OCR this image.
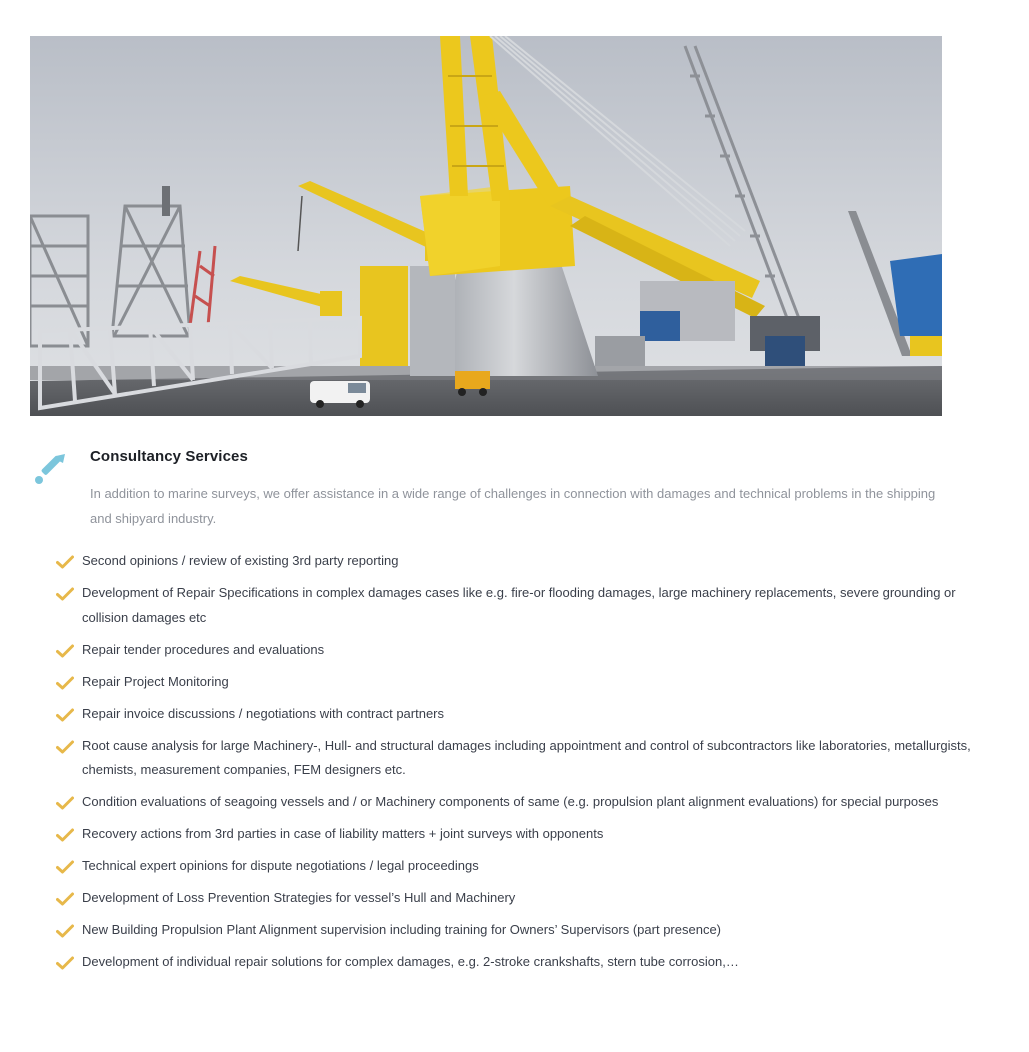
Consultancy Services

In addition to marine surveys, we offer assistance in a wide range of challenges in connection with damages and technical problems in the shipping and shipyard industry.

Second opinions / review of existing 3rd party reporting
Development of Repair Specifications in complex damages cases like e.g. fire-or flooding damages, large machinery replacements, severe grounding or collision damages etc
Repair tender procedures and evaluations
Repair Project Monitoring
Repair invoice discussions / negotiations with contract partners
Root cause analysis for large Machinery-, Hull- and structural damages including appointment and control of subcontractors like laboratories, metallurgists, chemists, measurement companies, FEM designers etc.
Condition evaluations of seagoing vessels and / or Machinery components of same (e.g. propulsion plant alignment evaluations) for special purposes
Recovery actions from 3rd parties in case of liability matters + joint surveys with opponents
Technical expert opinions for dispute negotiations / legal proceedings
Development of Loss Prevention Strategies for vessel’s Hull and Machinery
New Building Propulsion Plant Alignment supervision including training for Owners’ Supervisors (part presence)
Development of individual repair solutions for complex damages, e.g. 2-stroke crankshafts, stern tube corrosion,…
